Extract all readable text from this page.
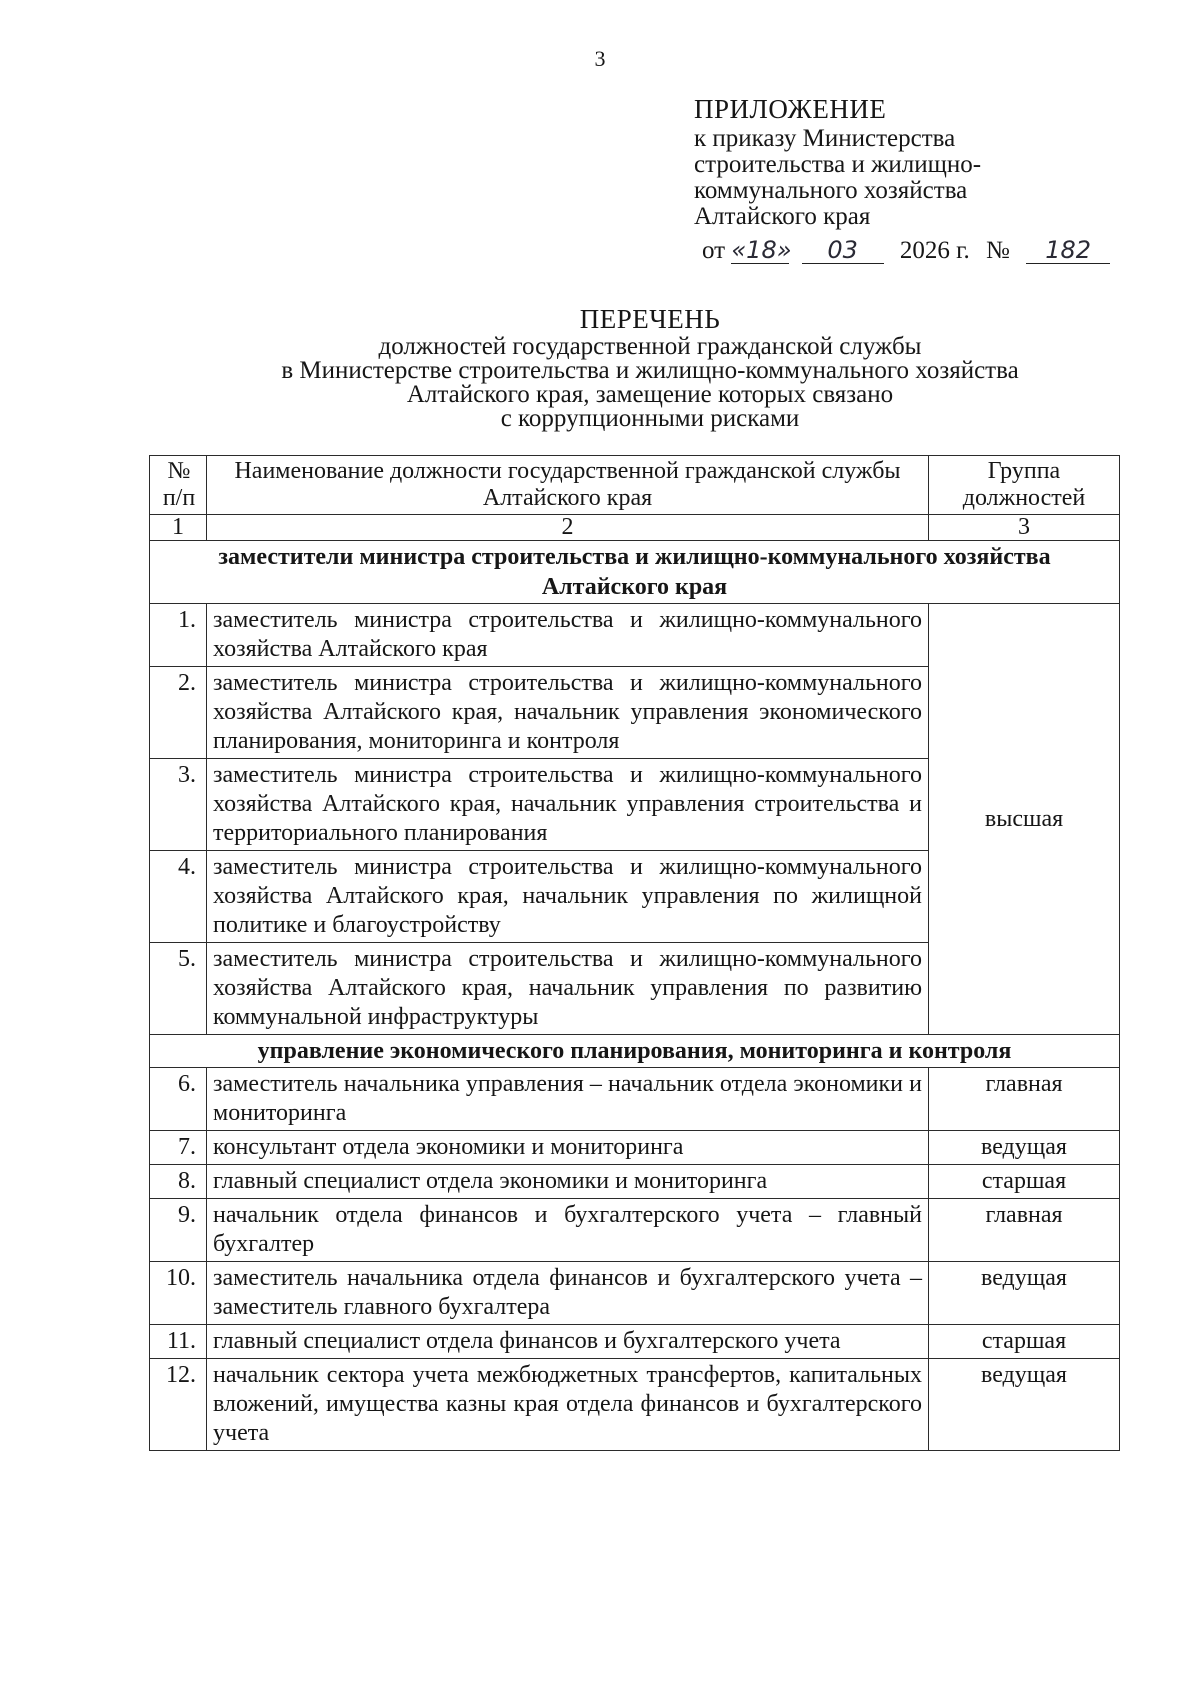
3
ПРИЛОЖЕНИЕ
к приказу Министерства
строительства и жилищно-
коммунального хозяйства
Алтайского края
от «18» 03 2026 г. № 182
ПЕРЕЧЕНЬ
должностей государственной гражданской службы
в Министерстве строительства и жилищно-коммунального хозяйства
Алтайского края, замещение которых связано
с коррупционными рисками
№ п/п	Наименование должности государственной гражданской службы Алтайского края	Группа должностей
1	2	3
заместители министра строительства и жилищно-коммунального хозяйства Алтайского края		
1.	заместитель министра строительства и жилищно-коммунального хозяйства Алтайского края	высшая
2.	заместитель министра строительства и жилищно-коммунального хозяйства Алтайского края, начальник управления экономического планирования, мониторинга и контроля	
3.	заместитель министра строительства и жилищно-коммунального хозяйства Алтайского края, начальник управления строительства и территориального планирования	
4.	заместитель министра строительства и жилищно-коммунального хозяйства Алтайского края, начальник управления по жилищной политике и благоустройству	
5.	заместитель министра строительства и жилищно-коммунального хозяйства Алтайского края, начальник управления по развитию коммунальной инфраструктуры	
управление экономического планирования, мониторинга и контроля		
6.	заместитель начальника управления – начальник отдела экономики и мониторинга	главная
7.	консультант отдела экономики и мониторинга	ведущая
8.	главный специалист отдела экономики и мониторинга	старшая
9.	начальник отдела финансов и бухгалтерского учета – главный бухгалтер	главная
10.	заместитель начальника отдела финансов и бухгалтерского учета – заместитель главного бухгалтера	ведущая
11.	главный специалист отдела финансов и бухгалтерского учета	старшая
12.	начальник сектора учета межбюджетных трансфертов, капитальных вложений, имущества казны края отдела финансов и бухгалтерского учета	ведущая
